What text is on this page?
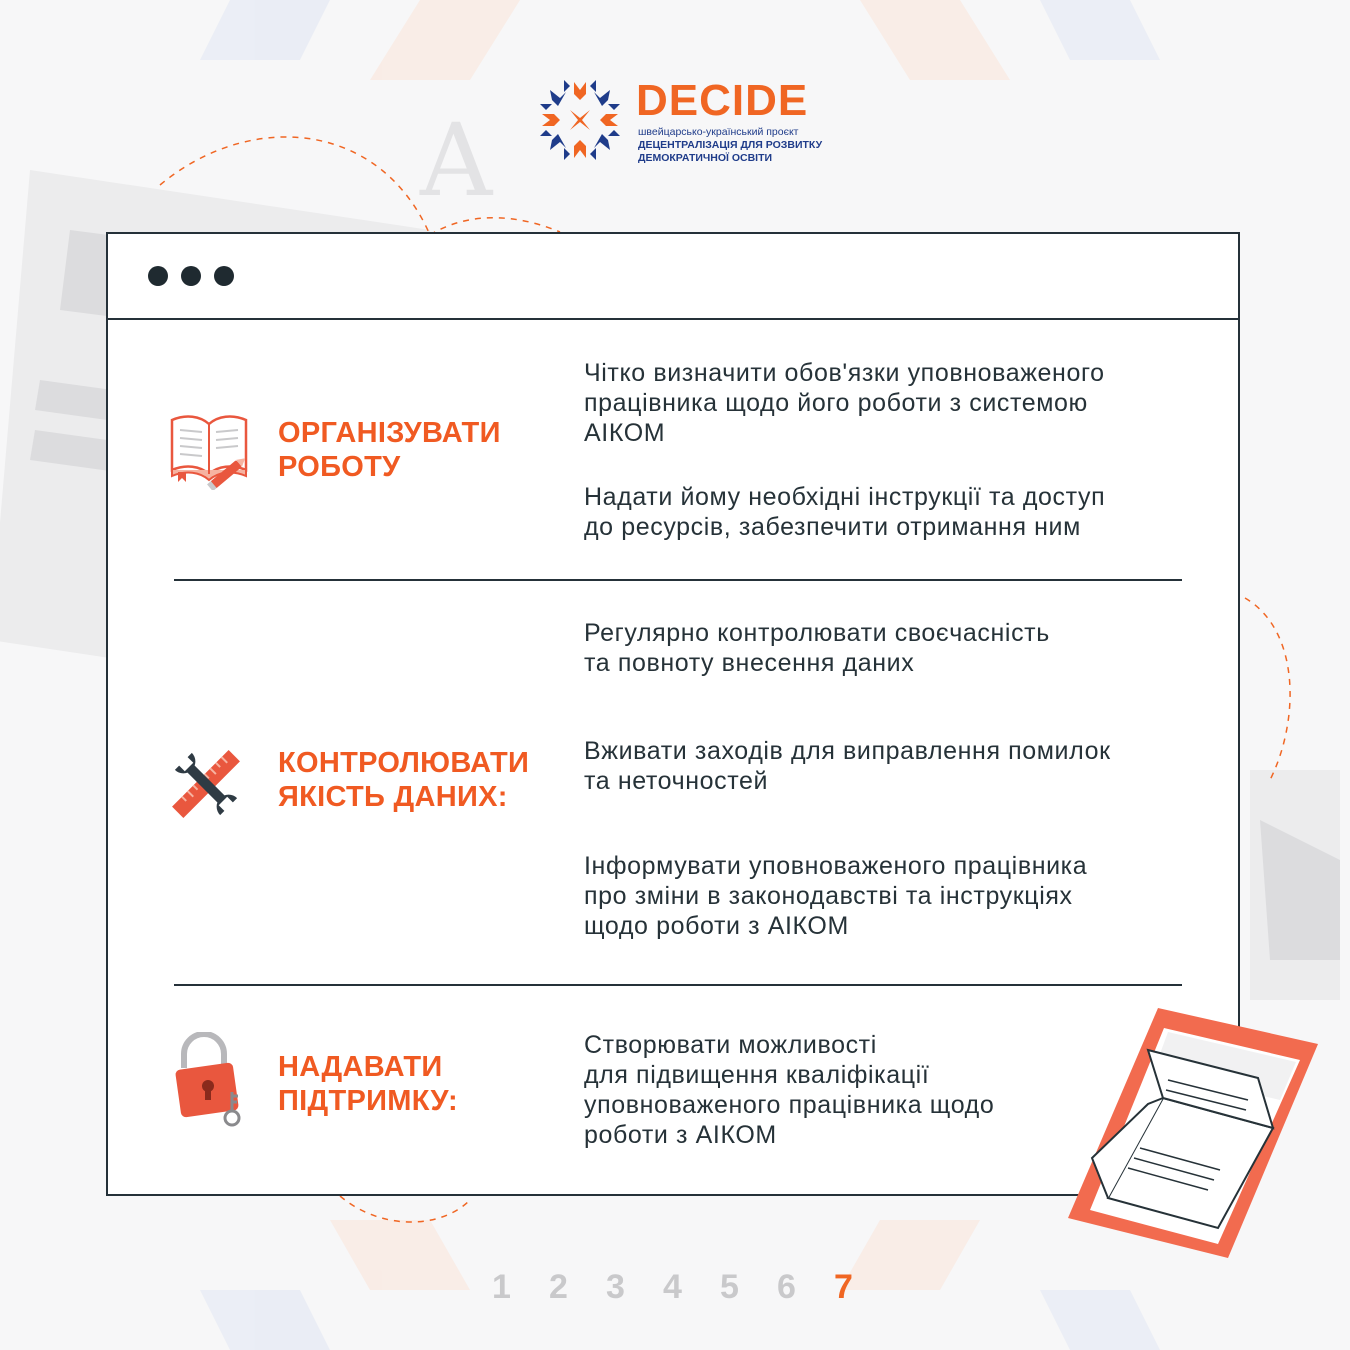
A
DECIDE
швейцарсько-український проєкт
ДЕЦЕНТРАЛІЗАЦІЯ ДЛЯ РОЗВИТКУ
ДЕМОКРАТИЧНОЇ ОСВІТИ
ОРГАНІЗУВАТИ
РОБОТУ
Чітко визначити обов'язки уповноваженого
працівника щодо його роботи з системою
АІКОМ
Надати йому необхідні інструкції та доступ
до ресурсів, забезпечити отримання ним
КОНТРОЛЮВАТИ
ЯКІСТЬ ДАНИХ:
Регулярно контролювати своєчасність
та повноту внесення даних
Вживати заходів для виправлення помилок
та неточностей
Інформувати уповноваженого працівника
про зміни в законодавстві та інструкціях
щодо роботи з АІКОМ
НАДАВАТИ
ПІДТРИМКУ:
Створювати можливості
для підвищення кваліфікації
уповноваженого працівника щодо
роботи з АІКОМ
1	2	3	4	5	6	7
